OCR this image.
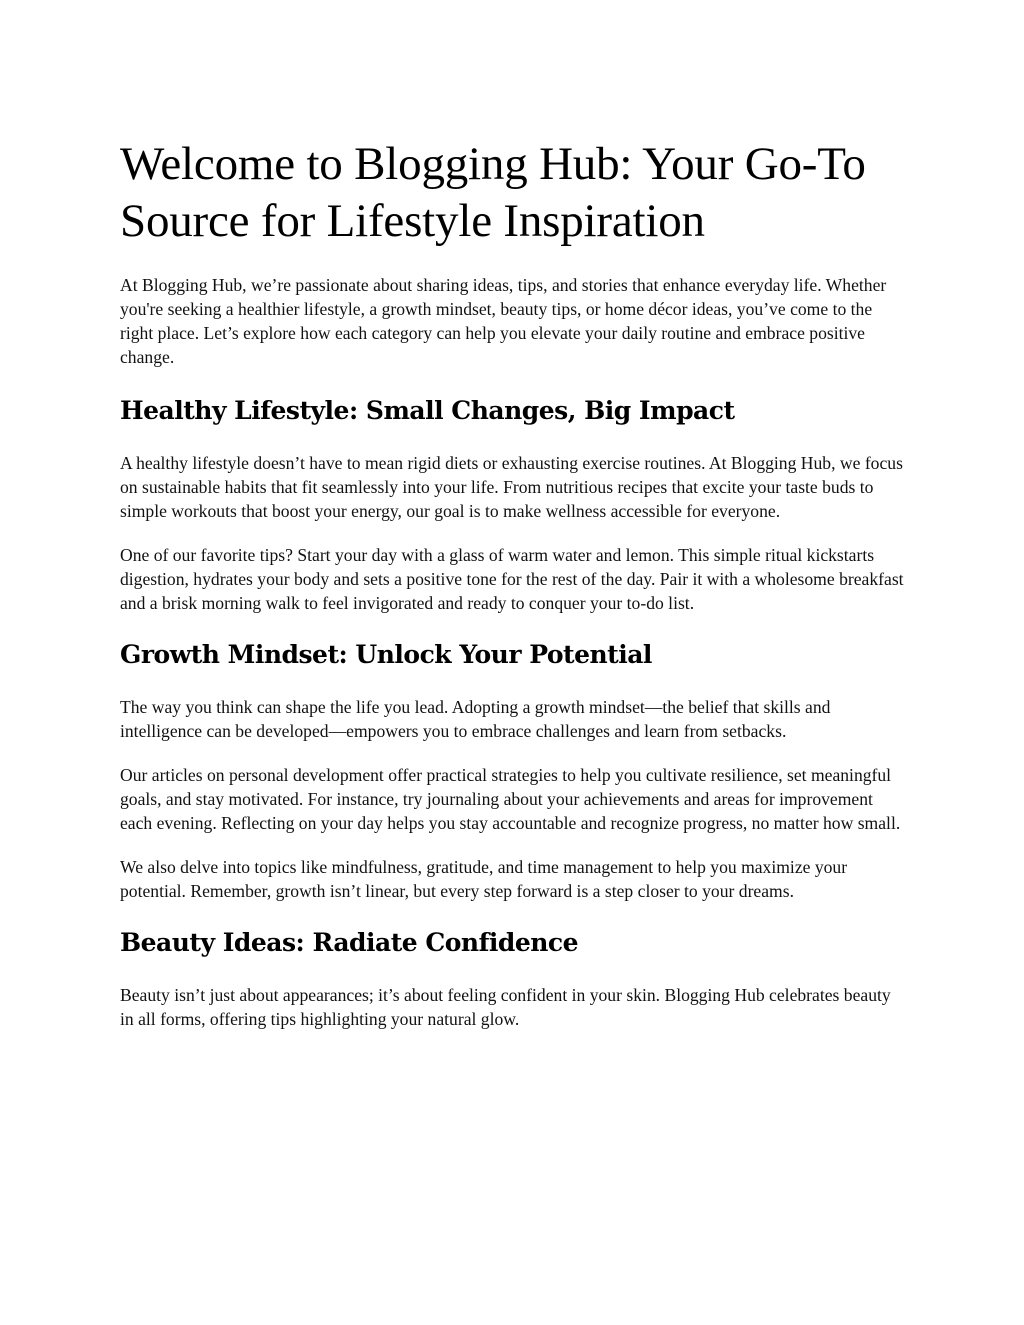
Welcome to Blogging Hub: Your Go-To Source for Lifestyle Inspiration

At Blogging Hub, we’re passionate about sharing ideas, tips, and stories that enhance everyday life. Whether you're seeking a healthier lifestyle, a growth mindset, beauty tips, or home décor ideas, you’ve come to the right place. Let’s explore how each category can help you elevate your daily routine and embrace positive change.

Healthy Lifestyle: Small Changes, Big Impact

A healthy lifestyle doesn’t have to mean rigid diets or exhausting exercise routines. At Blogging Hub, we focus on sustainable habits that fit seamlessly into your life. From nutritious recipes that excite your taste buds to simple workouts that boost your energy, our goal is to make wellness accessible for everyone.

One of our favorite tips? Start your day with a glass of warm water and lemon. This simple ritual kickstarts digestion, hydrates your body and sets a positive tone for the rest of the day. Pair it with a wholesome breakfast and a brisk morning walk to feel invigorated and ready to conquer your to-do list.

Growth Mindset: Unlock Your Potential

The way you think can shape the life you lead. Adopting a growth mindset—the belief that skills and intelligence can be developed—empowers you to embrace challenges and learn from setbacks.

Our articles on personal development offer practical strategies to help you cultivate resilience, set meaningful goals, and stay motivated. For instance, try journaling about your achievements and areas for improvement each evening. Reflecting on your day helps you stay accountable and recognize progress, no matter how small.

We also delve into topics like mindfulness, gratitude, and time management to help you maximize your potential. Remember, growth isn’t linear, but every step forward is a step closer to your dreams.

Beauty Ideas: Radiate Confidence

Beauty isn’t just about appearances; it’s about feeling confident in your skin. Blogging Hub celebrates beauty in all forms, offering tips highlighting your natural glow.
